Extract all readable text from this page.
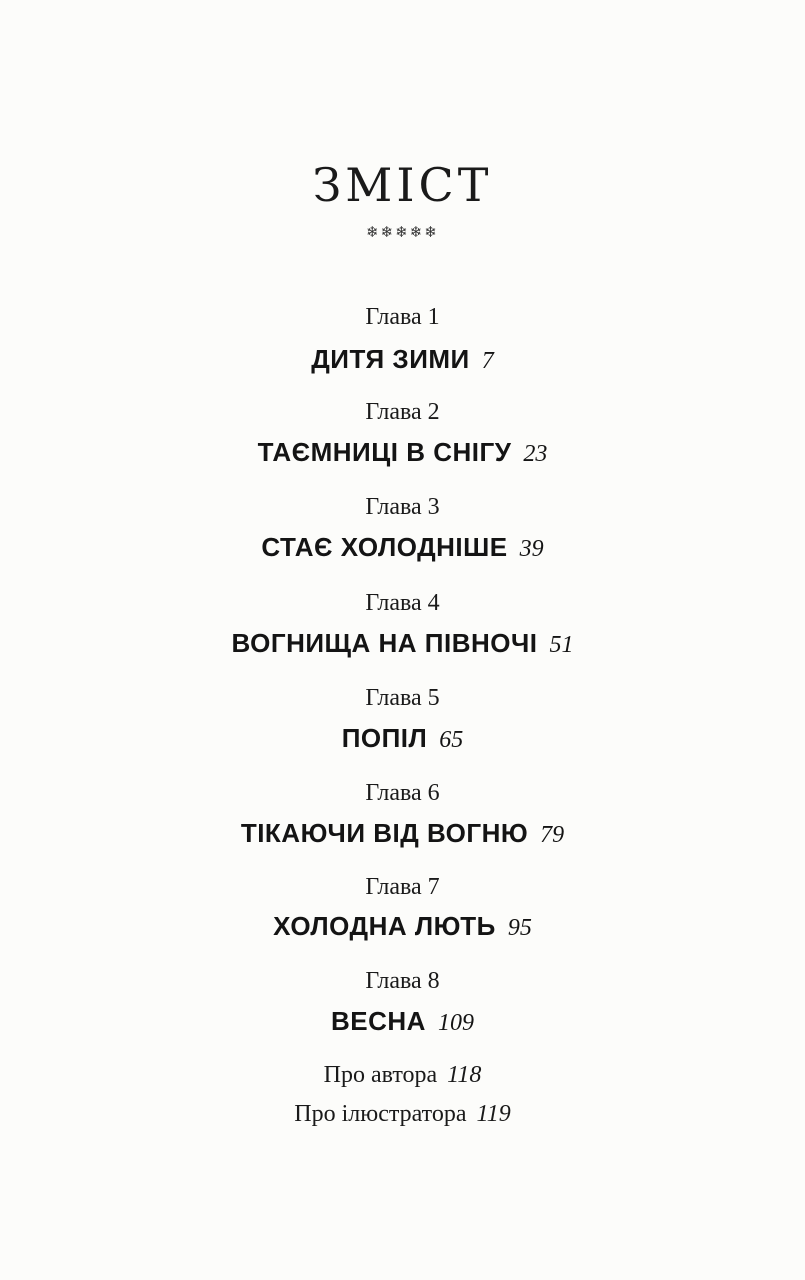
ЗМІСТ
❄❄❄❄❄
Глава 1
ДИТЯ ЗИМИ 7
Глава 2
ТАЄМНИЦІ В СНІГУ 23
Глава 3
СТАЄ ХОЛОДНІШЕ 39
Глава 4
ВОГНИЩА НА ПІВНОЧІ 51
Глава 5
ПОПІЛ 65
Глава 6
ТІКАЮЧИ ВІД ВОГНЮ 79
Глава 7
ХОЛОДНА ЛЮТЬ 95
Глава 8
ВЕСНА 109
Про автора 118
Про ілюстратора 119
